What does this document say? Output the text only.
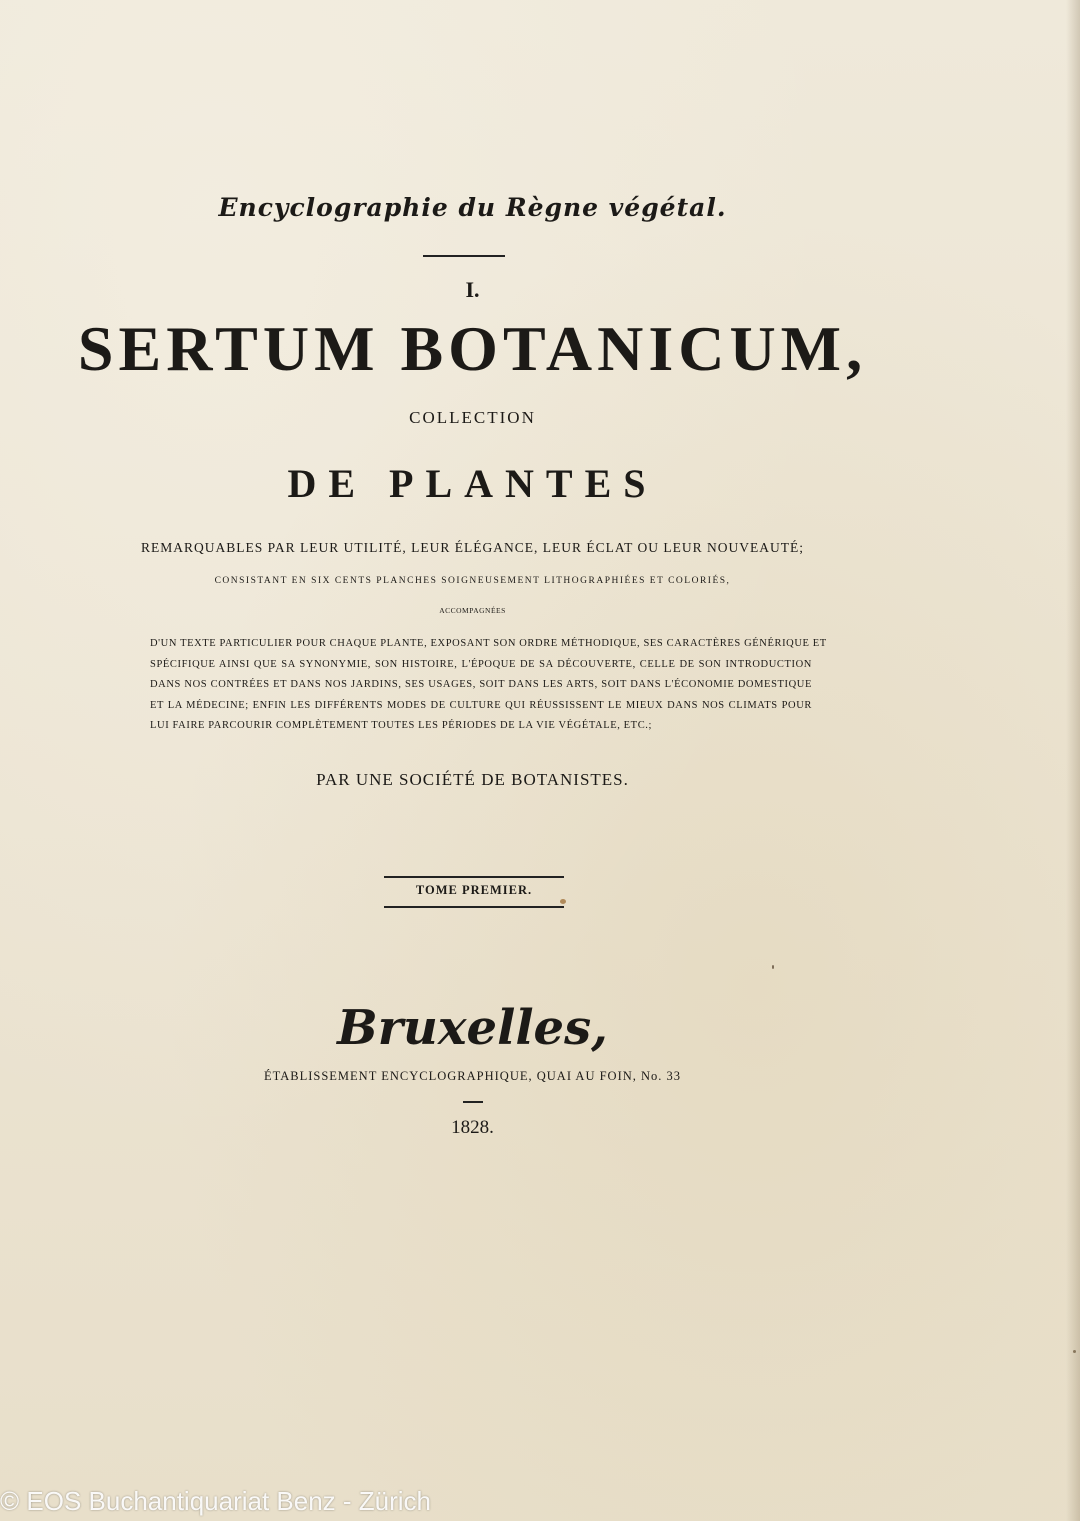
Encyclographie du Règne végétal.
I.
SERTUM BOTANICUM,
COLLECTION
DE PLANTES
REMARQUABLES PAR LEUR UTILITÉ, LEUR ÉLÉGANCE, LEUR ÉCLAT OU LEUR NOUVEAUTÉ;
CONSISTANT EN SIX CENTS PLANCHES SOIGNEUSEMENT LITHOGRAPHIÉES ET COLORIÉS,
ACCOMPAGNÉES
D'UN TEXTE PARTICULIER POUR CHAQUE PLANTE, EXPOSANT SON ORDRE MÉTHODIQUE, SES CARACTÈRES GÉNÉRIQUE ET
SPÉCIFIQUE AINSI QUE SA SYNONYMIE, SON HISTOIRE, L'ÉPOQUE DE SA DÉCOUVERTE, CELLE DE SON INTRODUCTION
DANS NOS CONTRÉES ET DANS NOS JARDINS, SES USAGES, SOIT DANS LES ARTS, SOIT DANS L'ÉCONOMIE DOMESTIQUE
ET LA MÉDECINE; ENFIN LES DIFFÉRENTS MODES DE CULTURE QUI RÉUSSISSENT LE MIEUX DANS NOS CLIMATS POUR
LUI FAIRE PARCOURIR COMPLÈTEMENT TOUTES LES PÉRIODES DE LA VIE VÉGÉTALE, ETC.;
PAR UNE SOCIÉTÉ DE BOTANISTES.
TOME PREMIER.
Bruxelles,
ÉTABLISSEMENT ENCYCLOGRAPHIQUE, QUAI AU FOIN, No. 33
1828.
© EOS Buchantiquariat Benz - Zürich
